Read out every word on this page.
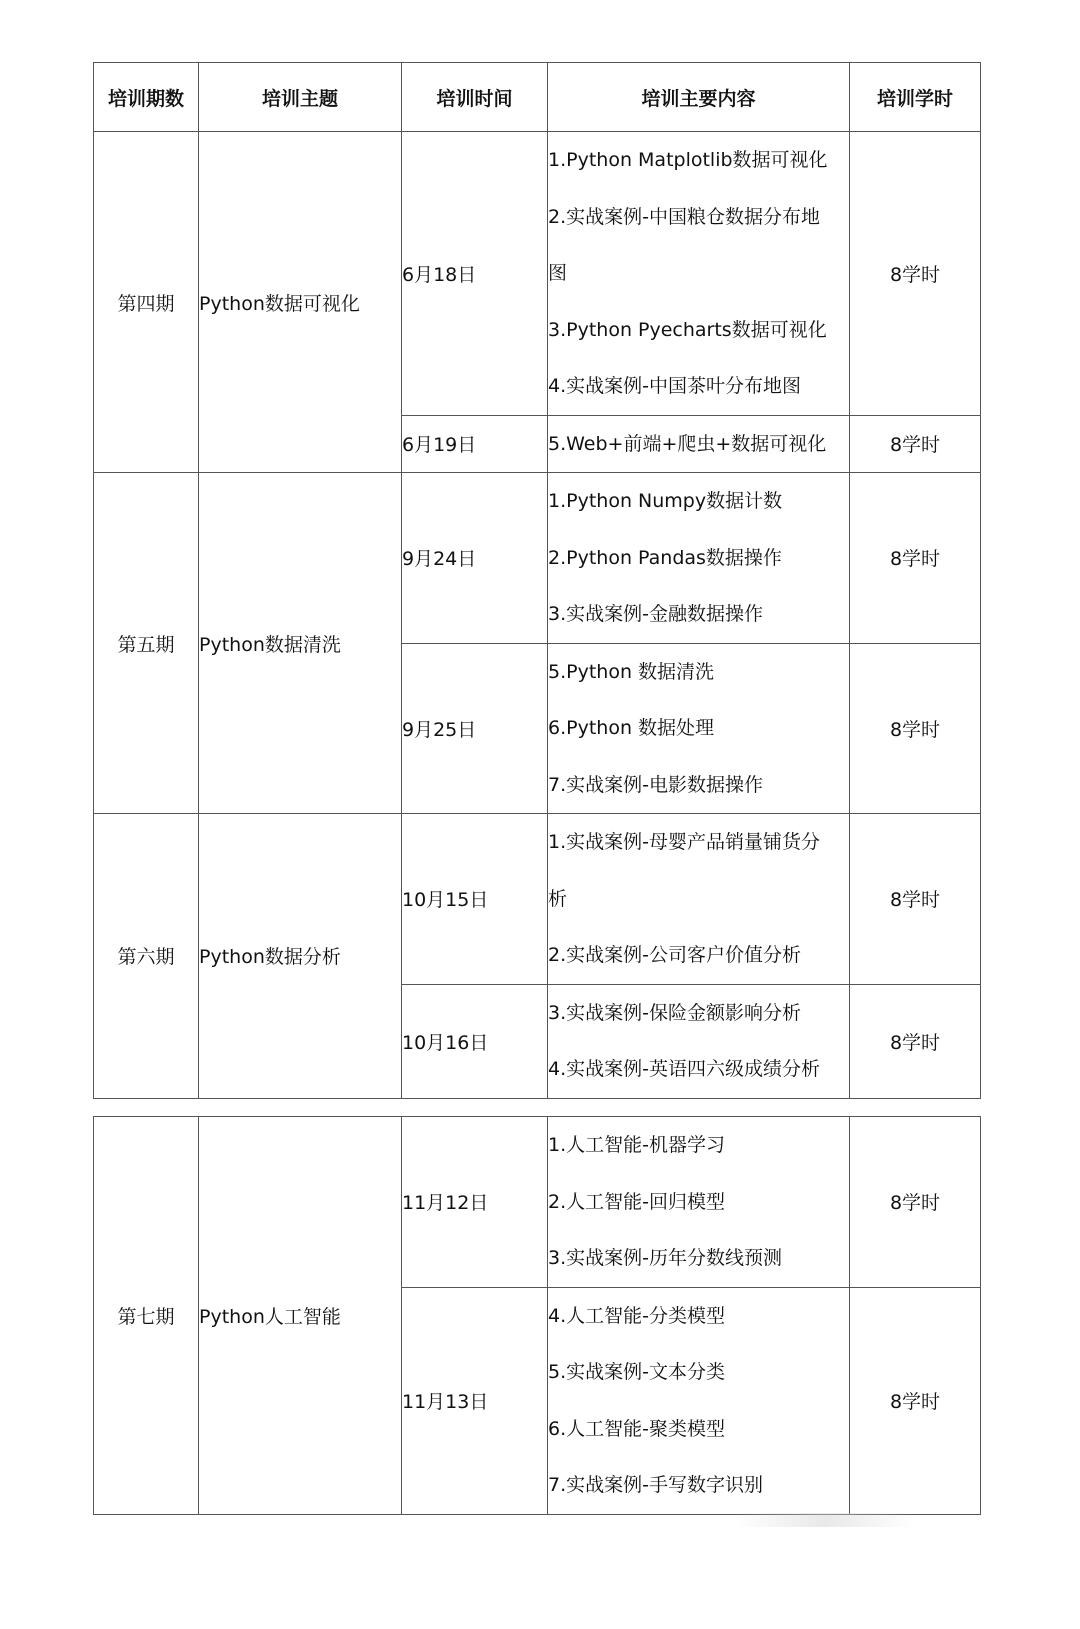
培训期数	培训主题	培训时间	培训主要内容	培训学时
第四期	Python数据可视化	6月18日	1.Python Matplotlib数据可视化
2.实战案例-中国粮仓数据分布地
图
3.Python Pyecharts数据可视化
4.实战案例-中国茶叶分布地图	8学时
		6月19日	5.Web+前端+爬虫+数据可视化	8学时
第五期	Python数据清洗	9月24日	1.Python Numpy数据计数
2.Python Pandas数据操作
3.实战案例-金融数据操作	8学时
		9月25日	5.Python 数据清洗
6.Python 数据处理
7.实战案例-电影数据操作	8学时
第六期	Python数据分析	10月15日	1.实战案例-母婴产品销量铺货分
析
2.实战案例-公司客户价值分析	8学时
		10月16日	3.实战案例-保险金额影响分析
4.实战案例-英语四六级成绩分析	8学时
第七期	Python人工智能	11月12日	1.人工智能-机器学习
2.人工智能-回归模型
3.实战案例-历年分数线预测	8学时
		11月13日	4.人工智能-分类模型
5.实战案例-文本分类
6.人工智能-聚类模型
7.实战案例-手写数字识别	8学时
